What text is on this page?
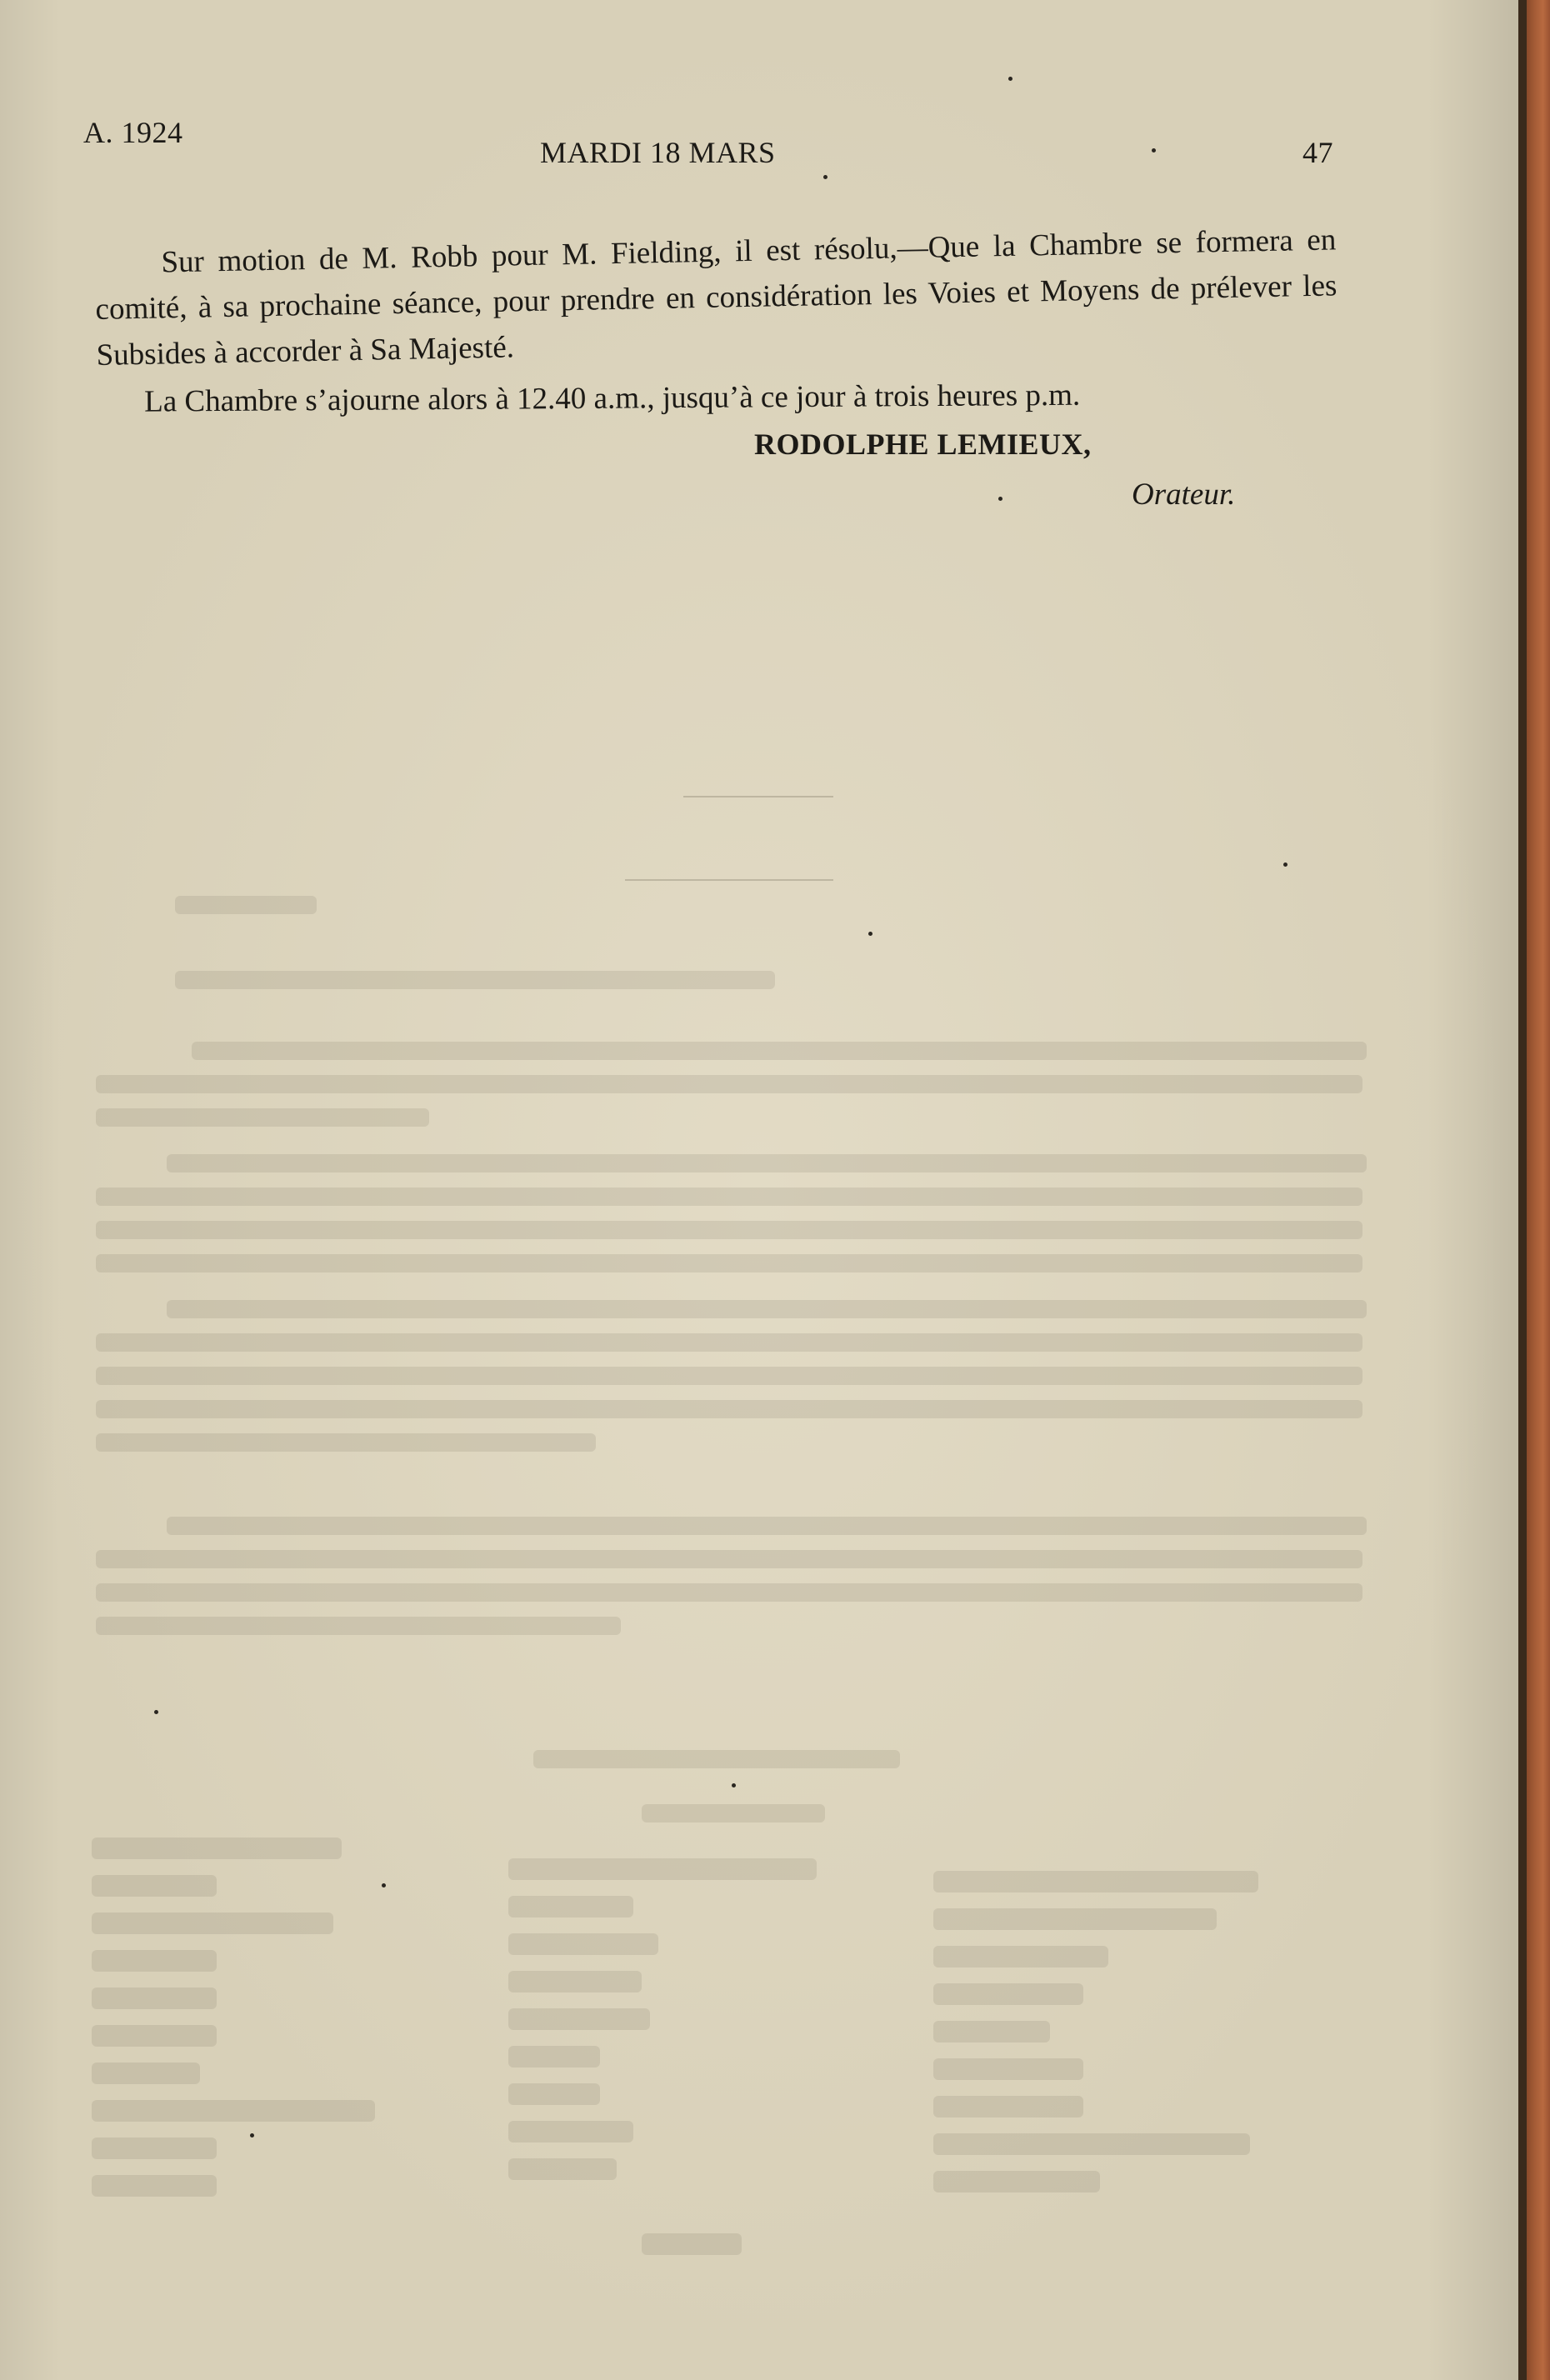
A. 1924
MARDI 18 MARS	47

Sur motion de M. Robb pour M. Fielding, il est résolu,—Que la Chambre se formera en comité, à sa prochaine séance, pour prendre en considération les Voies et Moyens de prélever les Subsides à accorder à Sa Majesté.

La Chambre s’ajourne alors à 12.40 a.m., jusqu’à ce jour à trois heures p.m.

RODOLPHE LEMIEUX,
Orateur.
